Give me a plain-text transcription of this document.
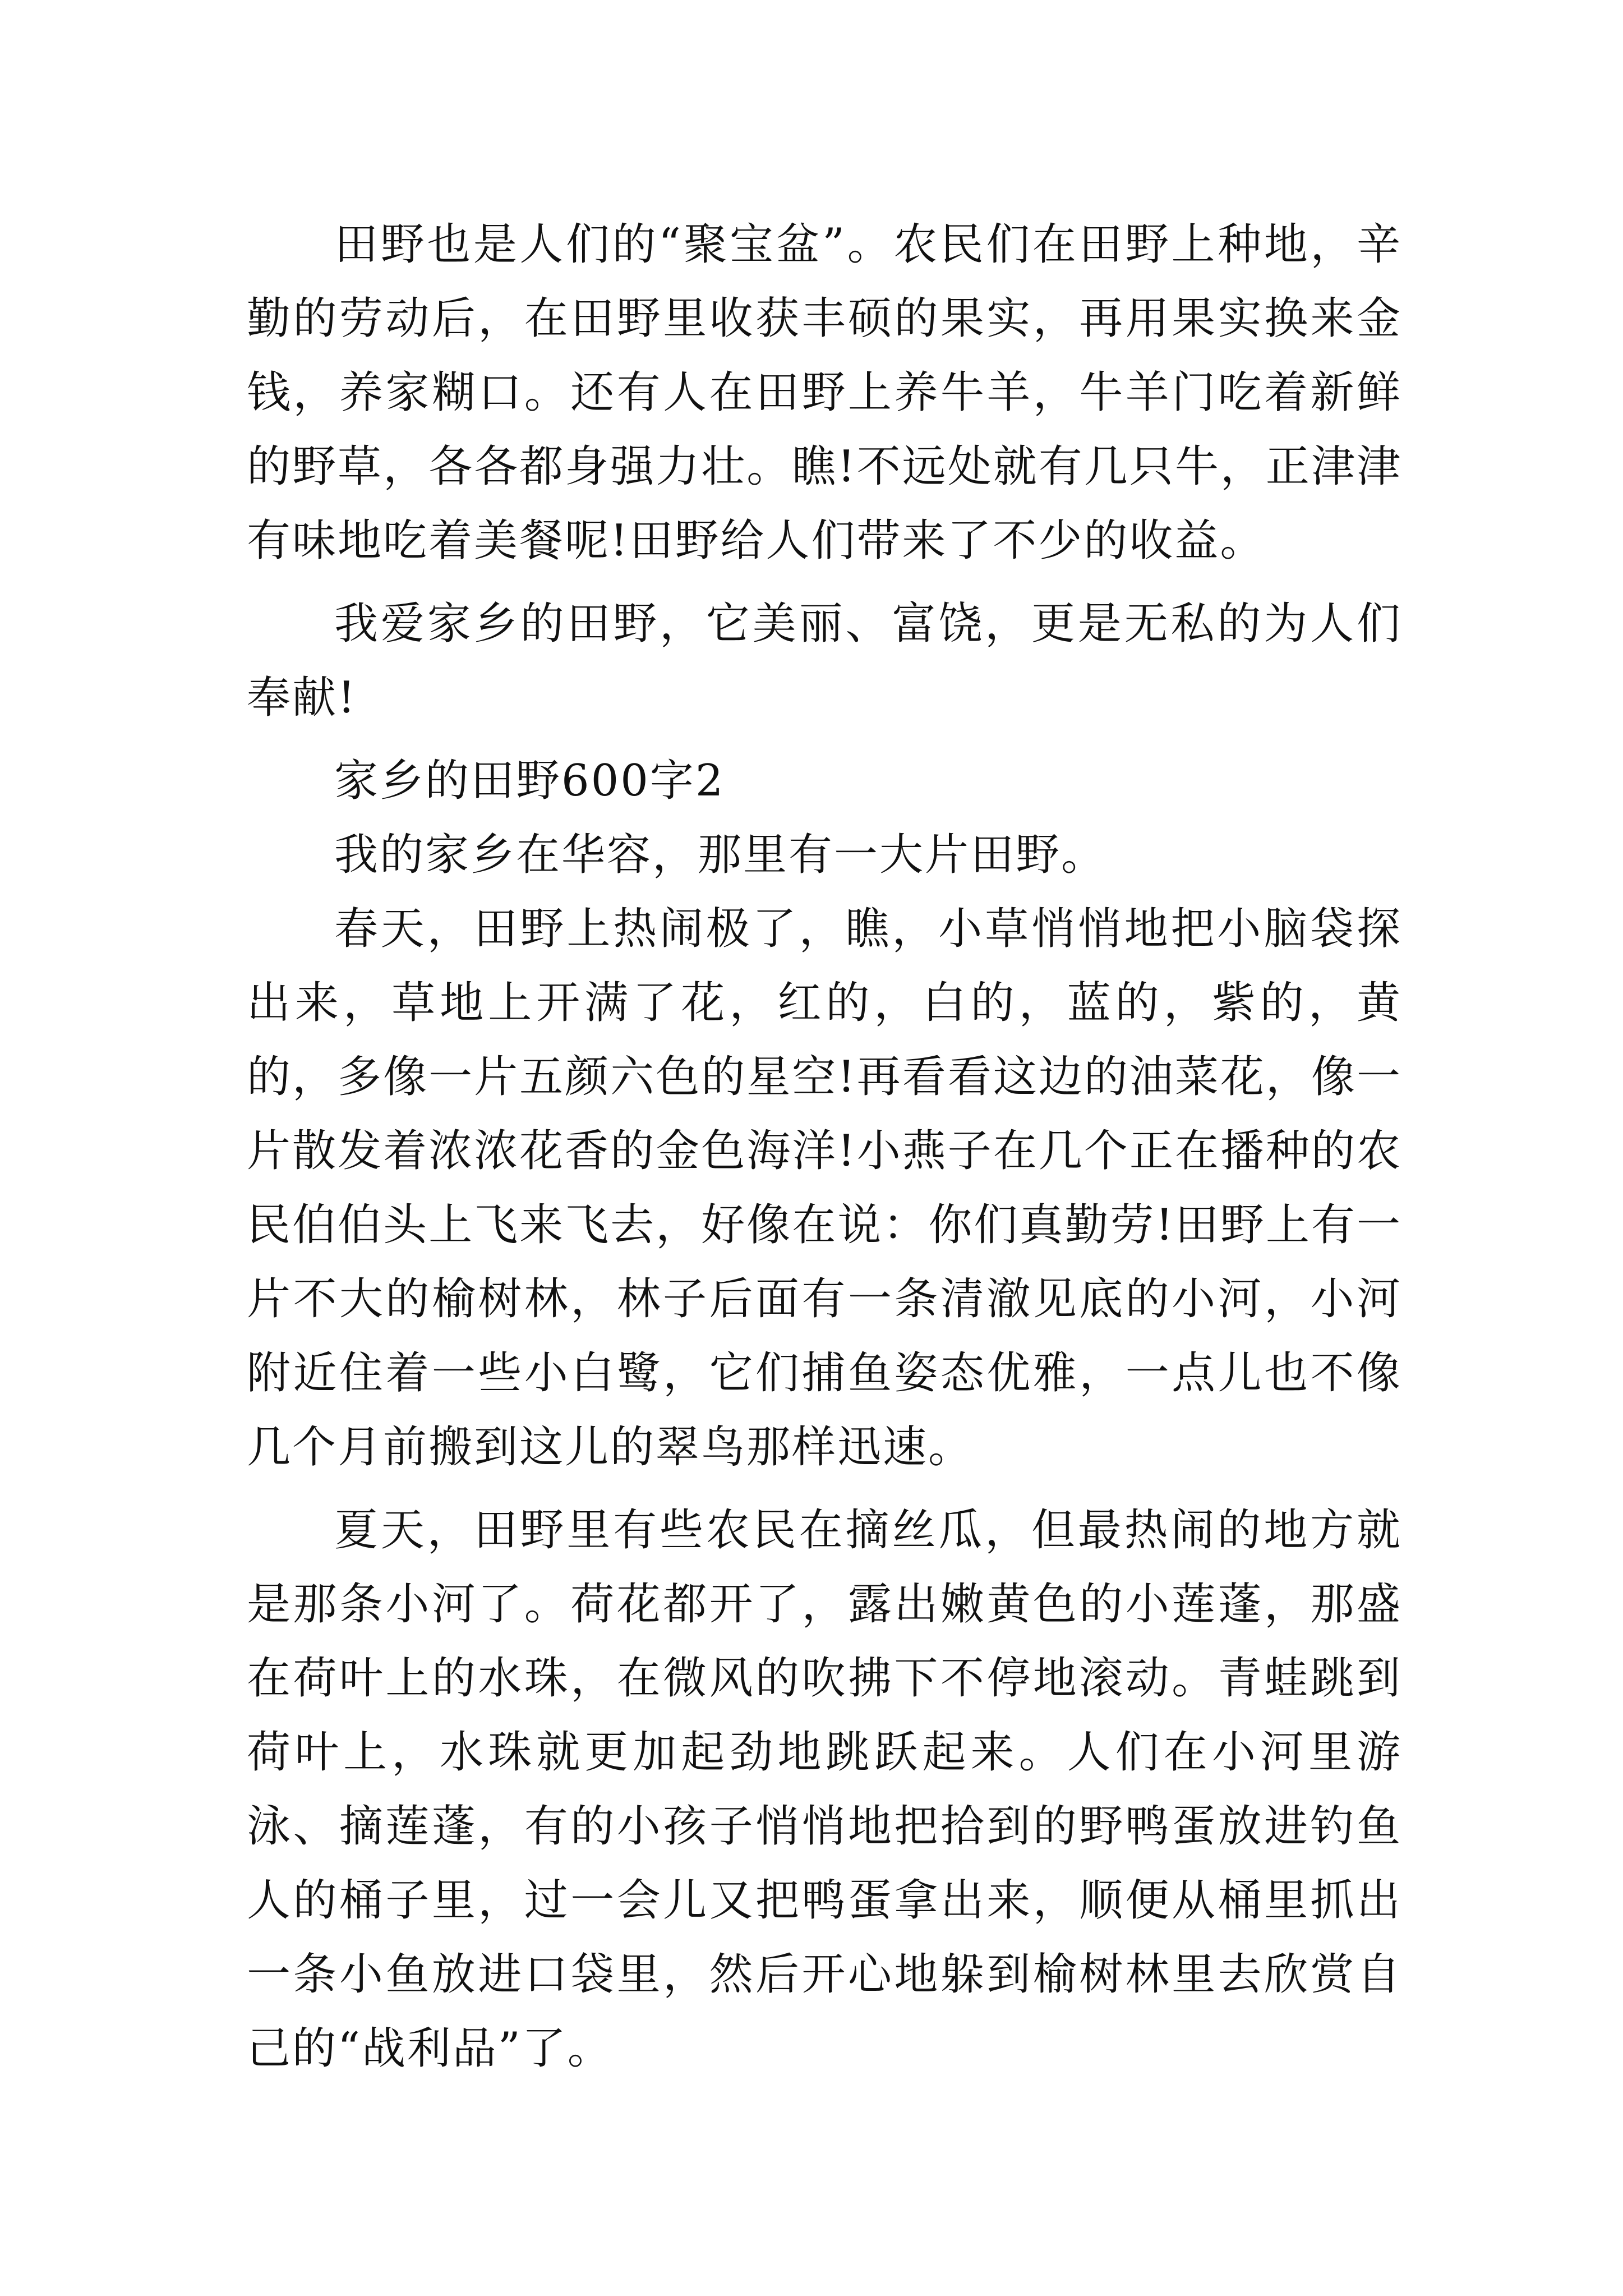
田野也是人们的“聚宝盆”。农民们在田野上种地，辛勤的劳动后，在田野里收获丰硕的果实，再用果实换来金钱，养家糊口。还有人在田野上养牛羊，牛羊门吃着新鲜的野草，各各都身强力壮。瞧!不远处就有几只牛，正津津有味地吃着美餐呢!田野给人们带来了不少的收益。

我爱家乡的田野，它美丽、富饶，更是无私的为人们奉献!

家乡的田野600字2

我的家乡在华容，那里有一大片田野。

春天，田野上热闹极了，瞧，小草悄悄地把小脑袋探出来，草地上开满了花，红的，白的，蓝的，紫的，黄的，多像一片五颜六色的星空!再看看这边的油菜花，像一片散发着浓浓花香的金色海洋!小燕子在几个正在播种的农民伯伯头上飞来飞去，好像在说：你们真勤劳!田野上有一片不大的榆树林，林子后面有一条清澈见底的小河，小河附近住着一些小白鹭，它们捕鱼姿态优雅，一点儿也不像几个月前搬到这儿的翠鸟那样迅速。

夏天，田野里有些农民在摘丝瓜，但最热闹的地方就是那条小河了。荷花都开了，露出嫩黄色的小莲蓬，那盛在荷叶上的水珠，在微风的吹拂下不停地滚动。青蛙跳到荷叶上，水珠就更加起劲地跳跃起来。人们在小河里游泳、摘莲蓬，有的小孩子悄悄地把拾到的野鸭蛋放进钓鱼人的桶子里，过一会儿又把鸭蛋拿出来，顺便从桶里抓出一条小鱼放进口袋里，然后开心地躲到榆树林里去欣赏自己的“战利品”了。
